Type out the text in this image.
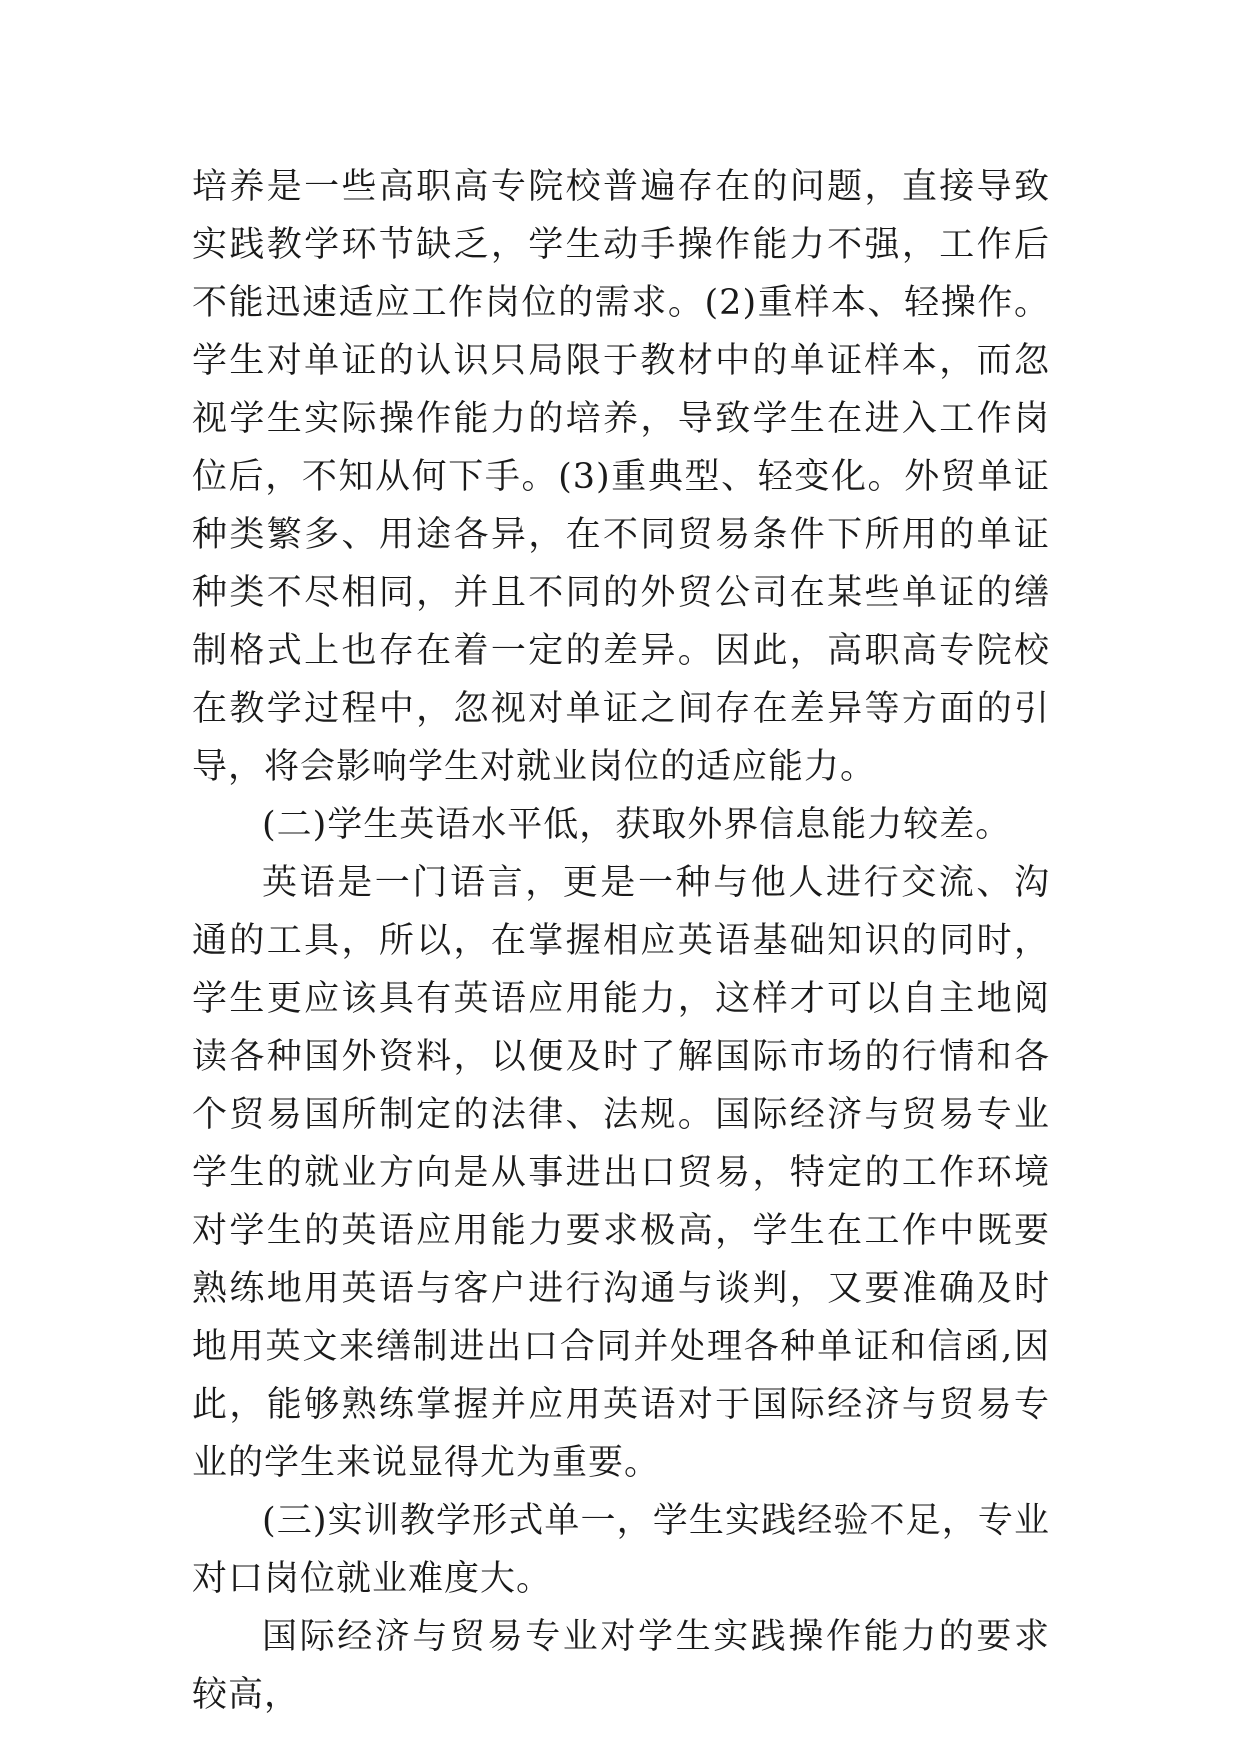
培养是一些高职高专院校普遍存在的问题，直接导致实践教学环节缺乏，学生动手操作能力不强，工作后不能迅速适应工作岗位的需求。(2)重样本、轻操作。学生对单证的认识只局限于教材中的单证样本，而忽视学生实际操作能力的培养，导致学生在进入工作岗位后，不知从何下手。(3)重典型、轻变化。外贸单证种类繁多、用途各异，在不同贸易条件下所用的单证种类不尽相同，并且不同的外贸公司在某些单证的缮制格式上也存在着一定的差异。因此，高职高专院校在教学过程中，忽视对单证之间存在差异等方面的引导，将会影响学生对就业岗位的适应能力。

(二)学生英语水平低，获取外界信息能力较差。

英语是一门语言，更是一种与他人进行交流、沟通的工具，所以，在掌握相应英语基础知识的同时，学生更应该具有英语应用能力，这样才可以自主地阅读各种国外资料，以便及时了解国际市场的行情和各个贸易国所制定的法律、法规。国际经济与贸易专业学生的就业方向是从事进出口贸易，特定的工作环境对学生的英语应用能力要求极高，学生在工作中既要熟练地用英语与客户进行沟通与谈判，又要准确及时地用英文来缮制进出口合同并处理各种单证和信函,因此，能够熟练掌握并应用英语对于国际经济与贸易专业的学生来说显得尤为重要。

(三)实训教学形式单一，学生实践经验不足，专业对口岗位就业难度大。

国际经济与贸易专业对学生实践操作能力的要求较高，
